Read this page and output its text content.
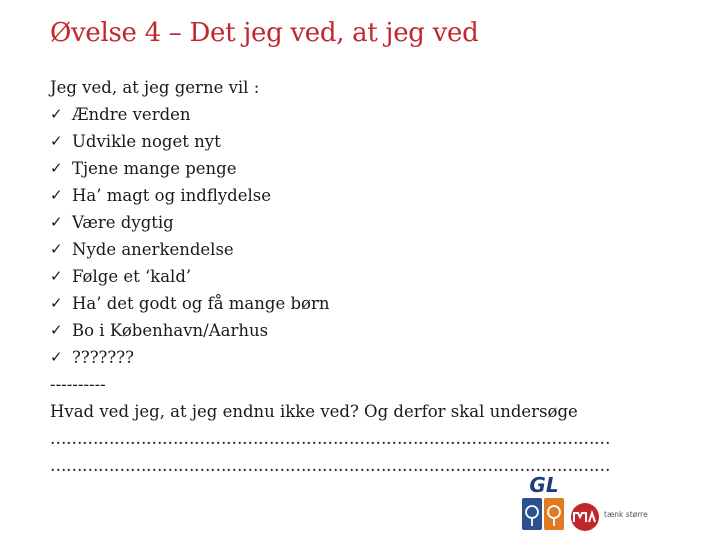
Øvelse 4 – Det jeg ved, at jeg ved
Jeg ved, at jeg gerne vil :
✓ Ændre verden
✓ Udvikle noget nyt
✓ Tjene mange penge
✓ Ha’ magt og indflydelse
✓ Være dygtig
✓ Nyde anerkendelse
✓ Følge et ‘kald’
✓ Ha’ det godt og få mange børn
✓ Bo i København/Aarhus
✓ ???????
----------
Hvad ved jeg, at jeg endnu ikke ved? Og derfor skal undersøge
……………………………………………………………………………………………
……………………………………………………………………………………………
GL
tænk større
